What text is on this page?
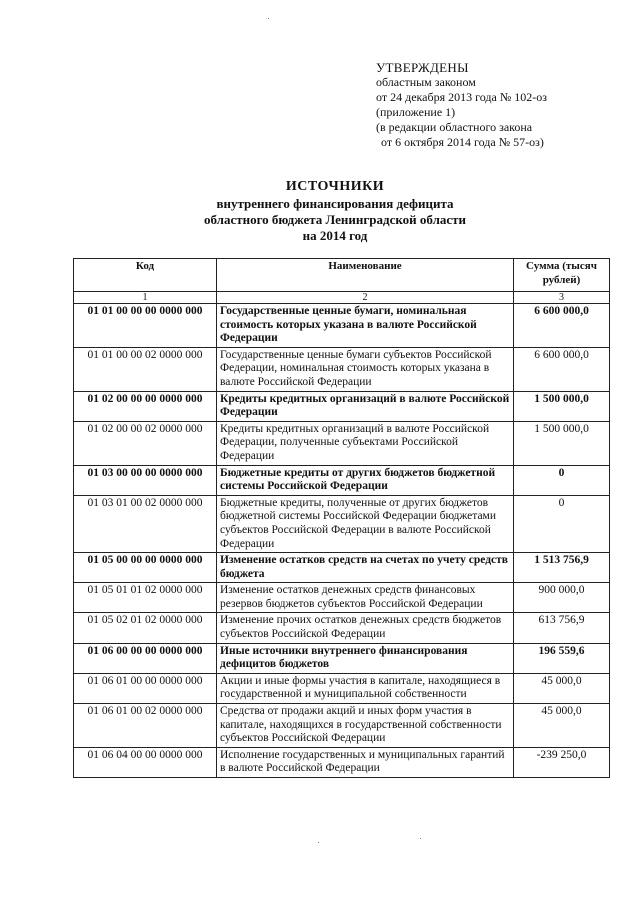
УТВЕРЖДЕНЫ
областным законом
от 24 декабря 2013 года № 102-оз
(приложение 1)
(в редакции областного закона
от 6 октября 2014 года № 57-оз)
ИСТОЧНИКИ
внутреннего финансирования дефицита
областного бюджета Ленинградской области
на 2014 год
Код	Наименование	Сумма (тысяч рублей)
1	2	3
01 01 00 00 00 0000 000	Государственные ценные бумаги, номинальная стоимость которых указана в валюте Российской Федерации	6 600 000,0
01 01 00 00 02 0000 000	Государственные ценные бумаги субъектов Российской Федерации, номинальная стоимость которых указана в валюте Российской Федерации	6 600 000,0
01 02 00 00 00 0000 000	Кредиты кредитных организаций в валюте Российской Федерации	1 500 000,0
01 02 00 00 02 0000 000	Кредиты кредитных организаций в валюте Российской Федерации, полученные субъектами Российской Федерации	1 500 000,0
01 03 00 00 00 0000 000	Бюджетные кредиты от других бюджетов бюджетной системы Российской Федерации	0
01 03 01 00 02 0000 000	Бюджетные кредиты, полученные от других бюджетов бюджетной системы Российской Федерации бюджетами субъектов Российской Федерации в валюте Российской Федерации	0
01 05 00 00 00 0000 000	Изменение остатков средств на счетах по учету средств бюджета	1 513 756,9
01 05 01 01 02 0000 000	Изменение остатков денежных средств финансовых резервов бюджетов субъектов Российской Федерации	900 000,0
01 05 02 01 02 0000 000	Изменение прочих остатков денежных средств бюджетов субъектов Российской Федерации	613 756,9
01 06 00 00 00 0000 000	Иные источники внутреннего финансирования дефицитов бюджетов	196 559,6
01 06 01 00 00 0000 000	Акции и иные формы участия в капитале, находящиеся в государственной и муниципальной собственности	45 000,0
01 06 01 00 02 0000 000	Средства от продажи акций и иных форм участия в капитале, находящихся в государственной собственности субъектов Российской Федерации	45 000,0
01 06 04 00 00 0000 000	Исполнение государственных и муниципальных гарантий в валюте Российской Федерации	-239 250,0
